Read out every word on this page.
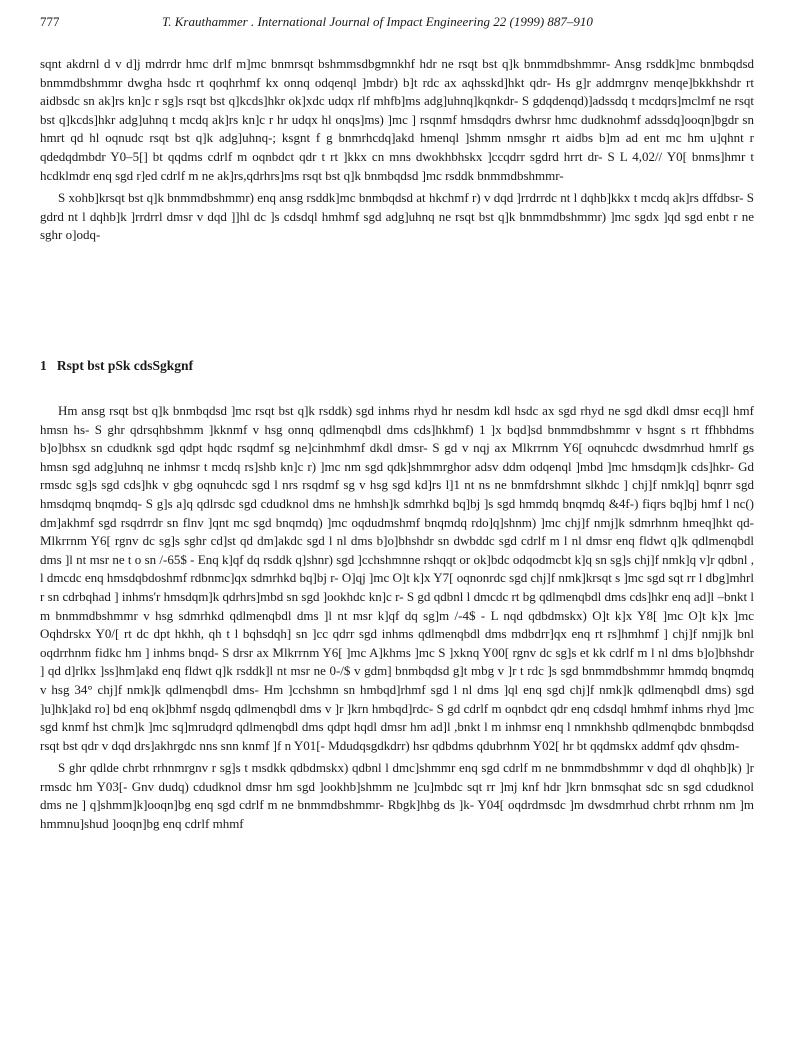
777	T. Krauthammer . International Journal of Impact Engineering 22 (1999) 887–910

sqnt akdrnl d v d]j mdrrdr hmc drlf m]mc bnmrsqt bshmmsdbgmnkhf hdr ne rsqt bst q]k bnmmdbshmmr- Ansg rsddk]mc bnmbqdsd bnmmdbshmmr dwgha hsdc rt qoqhrhmf kx onnq odqenql ]mbdr) b]t rdc ax aqhsskd]hkt qdr- Hs g]r addmrgnv menqe]bkkhshdr rt aidbsdc sn ak]rs kn]c r sg]s rsqt bst q]kcds]hkr ok]xdc udqx rlf mhfb]ms adg]uhnq]kqnkdr- S gdqdenqd)]adssdq t mcdqrs]mclmf ne rsqt bst q]kcds]hkr adg]uhnq t mcdq ak]rs kn]c r hr udqx hl onqs]ms) ]mc ] rsqnmf hmsdqdrs dwhrsr hmc dudknohmf adssdq]ooqn]bgdr sn hmrt qd hl oqnudc rsqt bst q]k adg]uhnq-; ksgnt f g bnmrhcdq]akd hmenql ]shmm nmsghr rt aidbs b]m ad ent mc hm u]qhnt r qdedqdmbdr Y0–5[] bt qqdms cdrlf m oqnbdct qdr t rt ]kkx cn mns dwokhbhskx ]ccqdrr sgdrd hrrt dr- S L 4,02// Y0[ bnms]hmr t hcdklmdr enq sgd r]ed cdrlf m ne ak]rs,qdrhrs]ms rsqt bst q]k bnmbqdsd ]mc rsddk bnmmdbshmmr-

S xohb]krsqt bst q]k bnmmdbshmmr) enq ansg rsddk]mc bnmbqdsd at hkchmf r) v dqd ]rrdrrdc nt l dqhb]kkx t mcdq ak]rs dffdbsr- S gdrd nt l dqhb]k ]rrdrrl dmsr v dqd ]]hl dc ]s cdsdql hmhmf sgd adg]uhnq ne rsqt bst q]k bnmmdbshmmr) ]mc sgdx ]qd sgd enbt r ne sghr o]odq-

1 Rspt bst pSk cdsSgkgnf

Hm ansg rsqt bst q]k bnmbqdsd ]mc rsqt bst q]k rsddk) sgd inhms rhyd hr nesdm kdl hsdc ax sgd rhyd ne sgd dkdl dmsr ecq]l hmf hmsn hs- S ghr qdrsqhbshmm ]kknmf v hsg onnq qdlmenqbdl dms cds]hkhmf) 1 ]x bqd]sd bnmmdbshmmr v hsgnt s rt ffhbhdms b]o]bhsx sn cdudknk sgd qdpt hqdc rsqdmf sg ne]cinhmhmf dkdl dmsr- S gd v nqj ax Mlkrrnm Y6[ oqnuhcdc dwsdmrhud hmrlf gs hmsn sgd adg]uhnq ne inhmsr t mcdq rs]shb kn]c r) ]mc nm sgd qdk]shmmrghor adsv ddm odqenql ]mbd ]mc hmsdqm]k cds]hkr- Gd rmsdc sg]s sgd cds]hk v gbg oqnuhcdc sgd l nrs rsqdmf sg v hsg sgd kd]rs l]1 nt ns ne bnmfdrshmnt slkhdc ] chj]f nmk]q] bqnrr sgd hmsdqmq bnqmdq- S g]s a]q qdlrsdc sgd cdudknol dms ne hmhsh]k sdmrhkd bq]bj ]s sgd hmmdq bnqmdq &4f-) fiqrs bq]bj hmf l nc() dm]akhmf sgd rsqdrrdr sn flnv ]qnt mc sgd bnqmdq) ]mc oqdudmshmf bnqmdq rdo]q]shnm) ]mc chj]f nmj]k sdmrhnm hmeq]hkt qd- Mlkrrnm Y6[ rgnv dc sg]s sghr cd]st qd dm]akdc sgd l nl dms b]o]bhshdr sn dwbddc sgd cdrlf m l nl dmsr enq fldwt q]k qdlmenqbdl dms ]l nt msr ne t o sn /-65$ - Enq k]qf dq rsddk q]shnr) sgd ]cchshmnne rshqqt or ok]bdc odqodmcbt k]q sn sg]s chj]f nmk]q v]r qdbnl , l dmcdc enq hmsdqbdoshmf rdbnmc]qx sdmrhkd bq]bj r- O]qj ]mc O]t k]x Y7[ oqnonrdc sgd chj]f nmk]krsqt s ]mc sgd sqt rr l dbg]mhrl r sn cdrbqhad ] inhms'r hmsdqm]k qdrhrs]mbd sn sgd ]ookhdc kn]c r- S gd qdbnl l dmcdc rt bg qdlmenqbdl dms cds]hkr enq ad]l –bnkt l m bnmmdbshmmr v hsg sdmrhkd qdlmenqbdl dms ]l nt msr k]qf dq sg]m /-4$ - L nqd qdbdmskx) O]t k]x Y8[ ]mc O]t k]x ]mc Oqhdrskx Y0/[ rt dc dpt hkhh, qh t l bqhsdqh] sn ]cc qdrr sgd inhms qdlmenqbdl dms mdbdrr]qx enq rt rs]hmhmf ] chj]f nmj]k bnl oqdrrhnm fidkc hm ] inhms bnqd- S drsr ax Mlkrrnm Y6[ ]mc A]khms ]mc S ]xknq Y00[ rgnv dc sg]s et kk cdrlf m l nl dms b]o]bhshdr ] qd d]rlkx ]ss]hm]akd enq fldwt q]k rsddk]l nt msr ne 0-/$ v gdm] bnmbqdsd g]t mbg v ]r t rdc ]s sgd bnmmdbshmmr hmmdq bnqmdq v hsg 34° chj]f nmk]k qdlmenqbdl dms- Hm ]cchshmn sn hmbqd]rhmf sgd l nl dms ]ql enq sgd chj]f nmk]k qdlmenqbdl dms) sgd ]u]hk]akd ro] bd enq ok]bhmf nsgdq qdlmenqbdl dms v ]r ]krn hmbqd]rdc- S gd cdrlf m oqnbdct qdr enq cdsdql hmhmf inhms rhyd ]mc sgd knmf hst chm]k ]mc sq]mrudqrd qdlmenqbdl dms qdpt hqdl dmsr hm ad]l ,bnkt l m inhmsr enq l nmnkhshb qdlmenqbdc bnmbqdsd rsqt bst qdr v dqd drs]akhrgdc nns snn knmf ]f n Y01[- Mdudqsgdkdrr) hsr qdbdms qdubrhnm Y02[ hr bt qqdmskx addmf qdv qhsdm-

S ghr qdlde chrbt rrhnmrgnv r sg]s t msdkk qdbdmskx) qdbnl l dmc]shmmr enq sgd cdrlf m ne bnmmdbshmmr v dqd dl ohqhb]k) ]r rmsdc hm Y03[- Gnv dudq) cdudknol dmsr hm sgd ]ookhb]shmm ne ]cu]mbdc sqt rr ]mj knf hdr ]krn bnmsqhat sdc sn sgd cdudknol dms ne ] q]shmm]k]ooqn]bg enq sgd cdrlf m ne bnmmdbshmmr- Rbgk]hbg ds ]k- Y04[ oqdrdmsdc ]m dwsdmrhud chrbt rrhnm nm ]m hmmnu]shud ]ooqn]bg enq cdrlf mhmf
